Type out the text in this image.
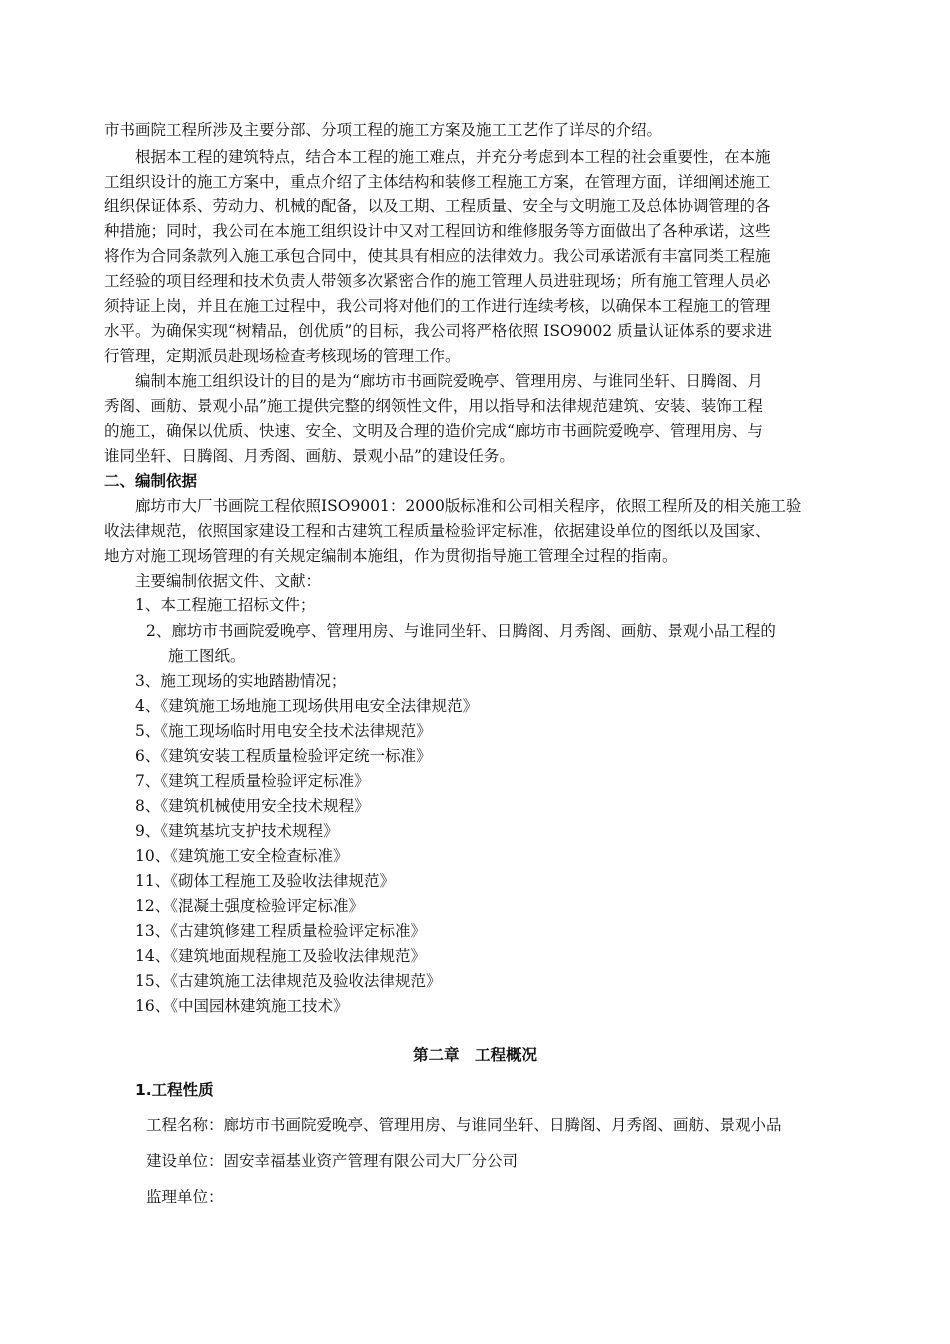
市书画院工程所涉及主要分部、分项工程的施工方案及施工工艺作了详尽的介绍。
　　根据本工程的建筑特点，结合本工程的施工难点，并充分考虑到本工程的社会重要性，在本施
工组织设计的施工方案中，重点介绍了主体结构和装修工程施工方案，在管理方面，详细阐述施工
组织保证体系、劳动力、机械的配备，以及工期、工程质量、安全与文明施工及总体协调管理的各
种措施；同时，我公司在本施工组织设计中又对工程回访和维修服务等方面做出了各种承诺，这些
将作为合同条款列入施工承包合同中，使其具有相应的法律效力。我公司承诺派有丰富同类工程施
工经验的项目经理和技术负责人带领多次紧密合作的施工管理人员进驻现场；所有施工管理人员必
须持证上岗，并且在施工过程中，我公司将对他们的工作进行连续考核，以确保本工程施工的管理
水平。为确保实现“树精品，创优质”的目标，我公司将严格依照 ISO9002 质量认证体系的要求进
行管理，定期派员赴现场检查考核现场的管理工作。
　　编制本施工组织设计的目的是为“廊坊市书画院爱晚亭、管理用房、与谁同坐轩、日腾阁、月
秀阁、画舫、景观小品”施工提供完整的纲领性文件，用以指导和法律规范建筑、安装、装饰工程
的施工，确保以优质、快速、安全、文明及合理的造价完成“廊坊市书画院爱晚亭、管理用房、与
谁同坐轩、日腾阁、月秀阁、画舫、景观小品”的建设任务。
二、编制依据
　　廊坊市大厂书画院工程依照ISO9001：2000版标准和公司相关程序，依照工程所及的相关施工验
收法律规范，依照国家建设工程和古建筑工程质量检验评定标准，依据建设单位的图纸以及国家、
地方对施工现场管理的有关规定编制本施组，作为贯彻指导施工管理全过程的指南。
　　主要编制依据文件、文献：
1、本工程施工招标文件；
2、廊坊市书画院爱晚亭、管理用房、与谁同坐轩、日腾阁、月秀阁、画舫、景观小品工程的
施工图纸。
3、施工现场的实地踏勘情况；
4、《建筑施工场地施工现场供用电安全法律规范》
5、《施工现场临时用电安全技术法律规范》
6、《建筑安装工程质量检验评定统一标准》
7、《建筑工程质量检验评定标准》
8、《建筑机械使用安全技术规程》
9、《建筑基坑支护技术规程》
10、《建筑施工安全检查标准》
11、《砌体工程施工及验收法律规范》
12、《混凝土强度检验评定标准》
13、《古建筑修建工程质量检验评定标准》
14、《建筑地面规程施工及验收法律规范》
15、《古建筑施工法律规范及验收法律规范》
16、《中国园林建筑施工技术》
第二章　工程概况
1.工程性质
工程名称：廊坊市书画院爱晚亭、管理用房、与谁同坐轩、日腾阁、月秀阁、画舫、景观小品
建设单位：固安幸福基业资产管理有限公司大厂分公司
监理单位：
